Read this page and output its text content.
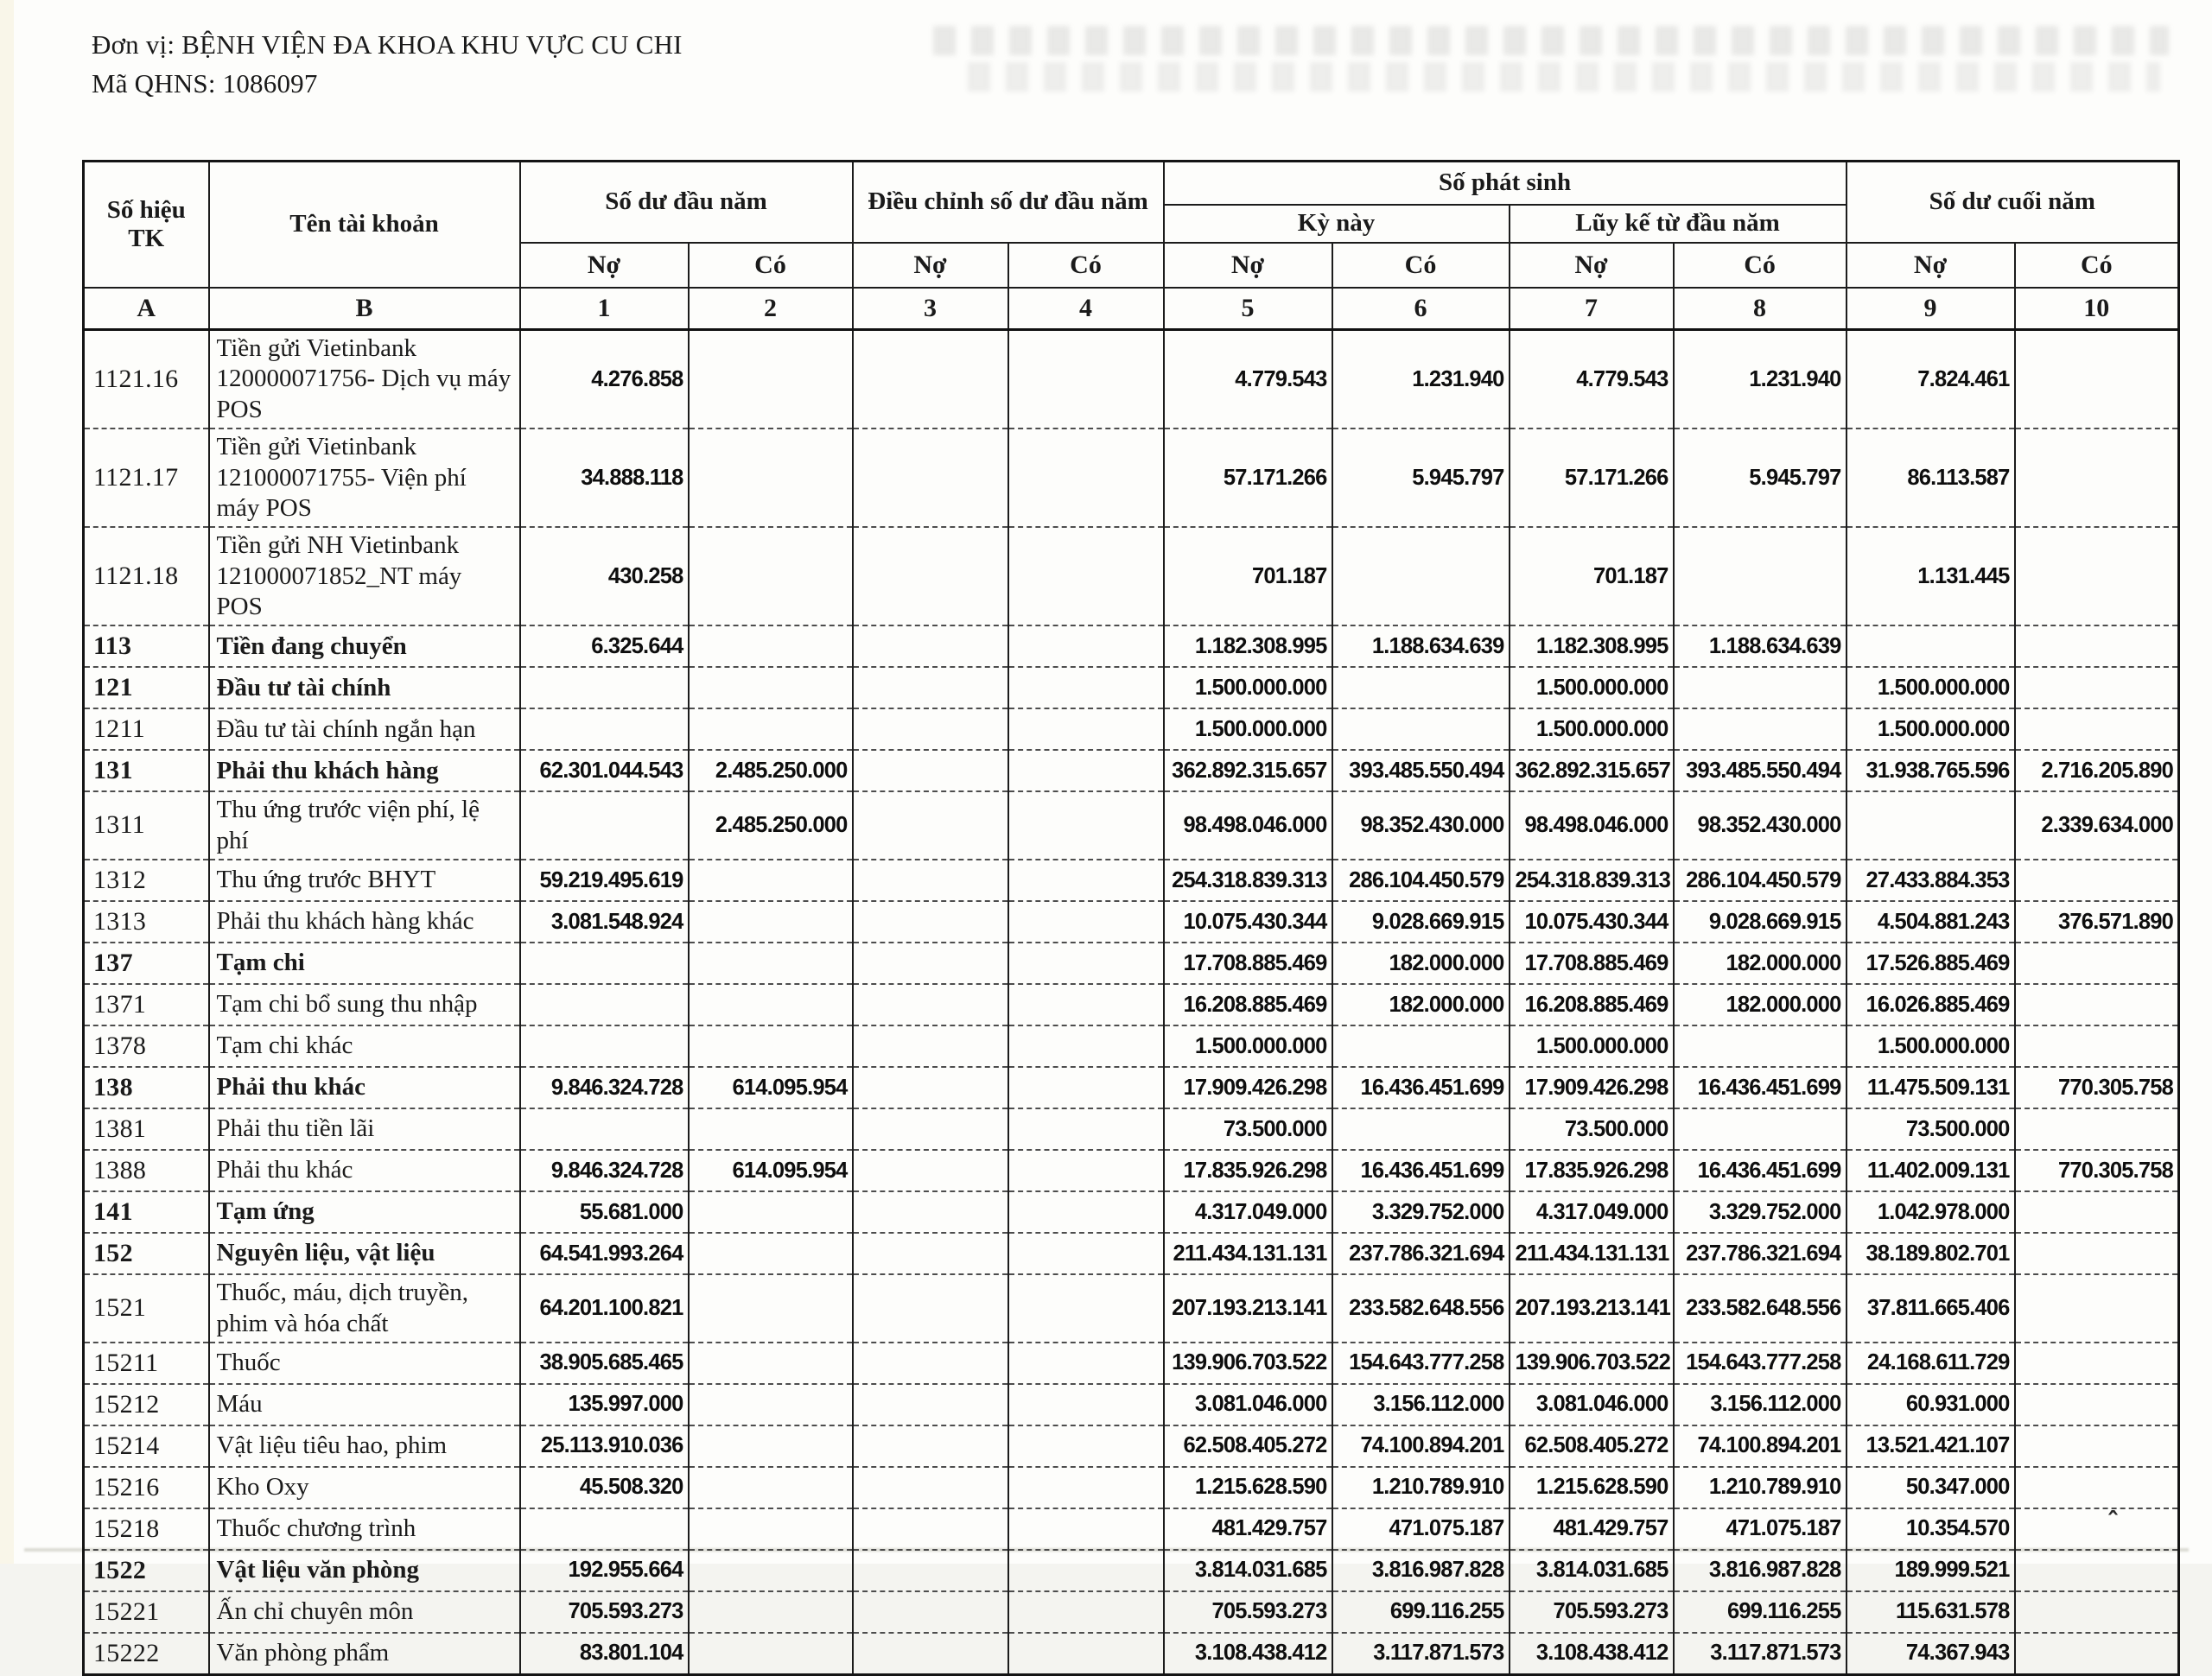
ˆ
Đơn vị: BỆNH VIỆN ĐA KHOA KHU VỰC CU CHI
Mã QHNS: 1086097
Số hiệu TK	Tên tài khoản	Số dư đầu năm		Điều chỉnh số dư đầu năm		Số phát sinh				Số dư cuối năm	
						Kỳ này		Lũy kế từ đầu năm			
		Nợ	Có	Nợ	Có	Nợ	Có	Nợ	Có	Nợ	Có
A	B	1	2	3	4	5	6	7	8	9	10
1121.16	Tiền gửi Vietinbank 120000071756- Dịch vụ máy POS	4.276.858				4.779.543	1.231.940	4.779.543	1.231.940	7.824.461	
1121.17	Tiền gửi Vietinbank 121000071755- Viện phí máy POS	34.888.118				57.171.266	5.945.797	57.171.266	5.945.797	86.113.587	
1121.18	Tiền gửi NH Vietinbank 121000071852_NT máy POS	430.258				701.187		701.187		1.131.445	
113	Tiền đang chuyển	6.325.644				1.182.308.995	1.188.634.639	1.182.308.995	1.188.634.639		
121	Đầu tư tài chính					1.500.000.000		1.500.000.000		1.500.000.000	
1211	Đầu tư tài chính ngắn hạn					1.500.000.000		1.500.000.000		1.500.000.000	
131	Phải thu khách hàng	62.301.044.543	2.485.250.000			362.892.315.657	393.485.550.494	362.892.315.657	393.485.550.494	31.938.765.596	2.716.205.890
1311	Thu ứng trước viện phí, lệ phí		2.485.250.000			98.498.046.000	98.352.430.000	98.498.046.000	98.352.430.000		2.339.634.000
1312	Thu ứng trước BHYT	59.219.495.619				254.318.839.313	286.104.450.579	254.318.839.313	286.104.450.579	27.433.884.353	
1313	Phải thu khách hàng khác	3.081.548.924				10.075.430.344	9.028.669.915	10.075.430.344	9.028.669.915	4.504.881.243	376.571.890
137	Tạm chi					17.708.885.469	182.000.000	17.708.885.469	182.000.000	17.526.885.469	
1371	Tạm chi bổ sung thu nhập					16.208.885.469	182.000.000	16.208.885.469	182.000.000	16.026.885.469	
1378	Tạm chi khác					1.500.000.000		1.500.000.000		1.500.000.000	
138	Phải thu khác	9.846.324.728	614.095.954			17.909.426.298	16.436.451.699	17.909.426.298	16.436.451.699	11.475.509.131	770.305.758
1381	Phải thu tiền lãi					73.500.000		73.500.000		73.500.000	
1388	Phải thu khác	9.846.324.728	614.095.954			17.835.926.298	16.436.451.699	17.835.926.298	16.436.451.699	11.402.009.131	770.305.758
141	Tạm ứng	55.681.000				4.317.049.000	3.329.752.000	4.317.049.000	3.329.752.000	1.042.978.000	
152	Nguyên liệu, vật liệu	64.541.993.264				211.434.131.131	237.786.321.694	211.434.131.131	237.786.321.694	38.189.802.701	
1521	Thuốc, máu, dịch truyền, phim và hóa chất	64.201.100.821				207.193.213.141	233.582.648.556	207.193.213.141	233.582.648.556	37.811.665.406	
15211	Thuốc	38.905.685.465				139.906.703.522	154.643.777.258	139.906.703.522	154.643.777.258	24.168.611.729	
15212	Máu	135.997.000				3.081.046.000	3.156.112.000	3.081.046.000	3.156.112.000	60.931.000	
15214	Vật liệu tiêu hao, phim	25.113.910.036				62.508.405.272	74.100.894.201	62.508.405.272	74.100.894.201	13.521.421.107	
15216	Kho Oxy	45.508.320				1.215.628.590	1.210.789.910	1.215.628.590	1.210.789.910	50.347.000	
15218	Thuốc chương trình					481.429.757	471.075.187	481.429.757	471.075.187	10.354.570	
1522	Vật liệu văn phòng	192.955.664				3.814.031.685	3.816.987.828	3.814.031.685	3.816.987.828	189.999.521	
15221	Ấn chỉ chuyên môn	705.593.273				705.593.273	699.116.255	705.593.273	699.116.255	115.631.578	
15222	Văn phòng phẩm	83.801.104				3.108.438.412	3.117.871.573	3.108.438.412	3.117.871.573	74.367.943	
